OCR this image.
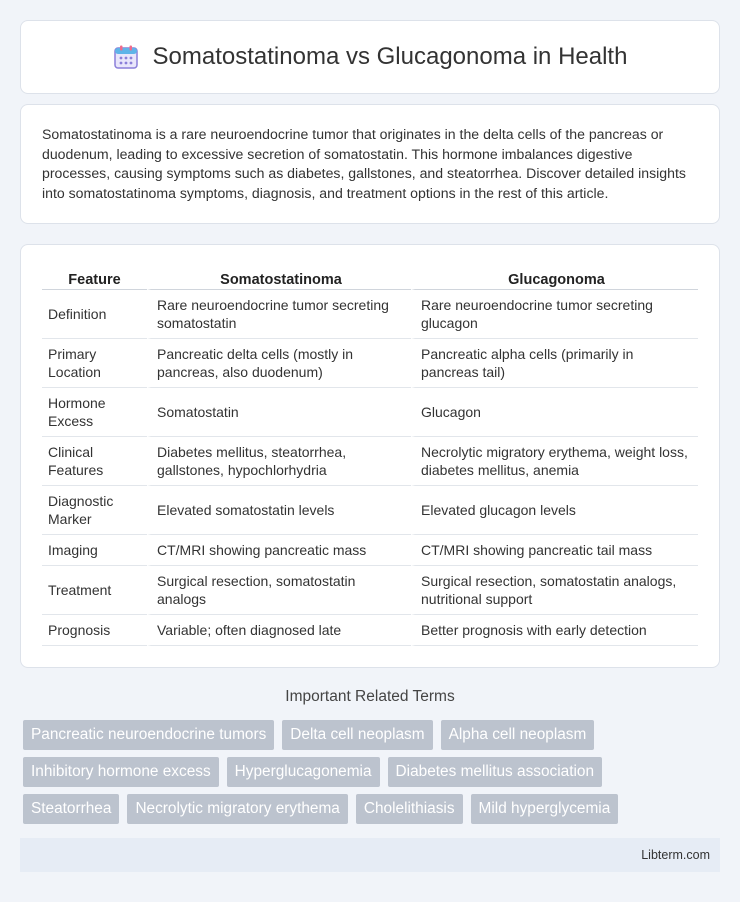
Somatostatinoma vs Glucagonoma in Health

Somatostatinoma is a rare neuroendocrine tumor that originates in the delta cells of the pancreas or duodenum, leading to excessive secretion of somatostatin. This hormone imbalances digestive processes, causing symptoms such as diabetes, gallstones, and steatorrhea. Discover detailed insights into somatostatinoma symptoms, diagnosis, and treatment options in the rest of this article.

Feature	Somatostatinoma	Glucagonoma
Definition	Rare neuroendocrine tumor secreting somatostatin	Rare neuroendocrine tumor secreting glucagon
Primary Location	Pancreatic delta cells (mostly in pancreas, also duodenum)	Pancreatic alpha cells (primarily in pancreas tail)
Hormone Excess	Somatostatin	Glucagon
Clinical Features	Diabetes mellitus, steatorrhea, gallstones, hypochlorhydria	Necrolytic migratory erythema, weight loss, diabetes mellitus, anemia
Diagnostic Marker	Elevated somatostatin levels	Elevated glucagon levels
Imaging	CT/MRI showing pancreatic mass	CT/MRI showing pancreatic tail mass
Treatment	Surgical resection, somatostatin analogs	Surgical resection, somatostatin analogs, nutritional support
Prognosis	Variable; often diagnosed late	Better prognosis with early detection
Important Related Terms
Pancreatic neuroendocrine tumors	Delta cell neoplasm	Alpha cell neoplasm
Inhibitory hormone excess	Hyperglucagonemia	Diabetes mellitus association
Steatorrhea	Necrolytic migratory erythema	Cholelithiasis	Mild hyperglycemia
Libterm.com
